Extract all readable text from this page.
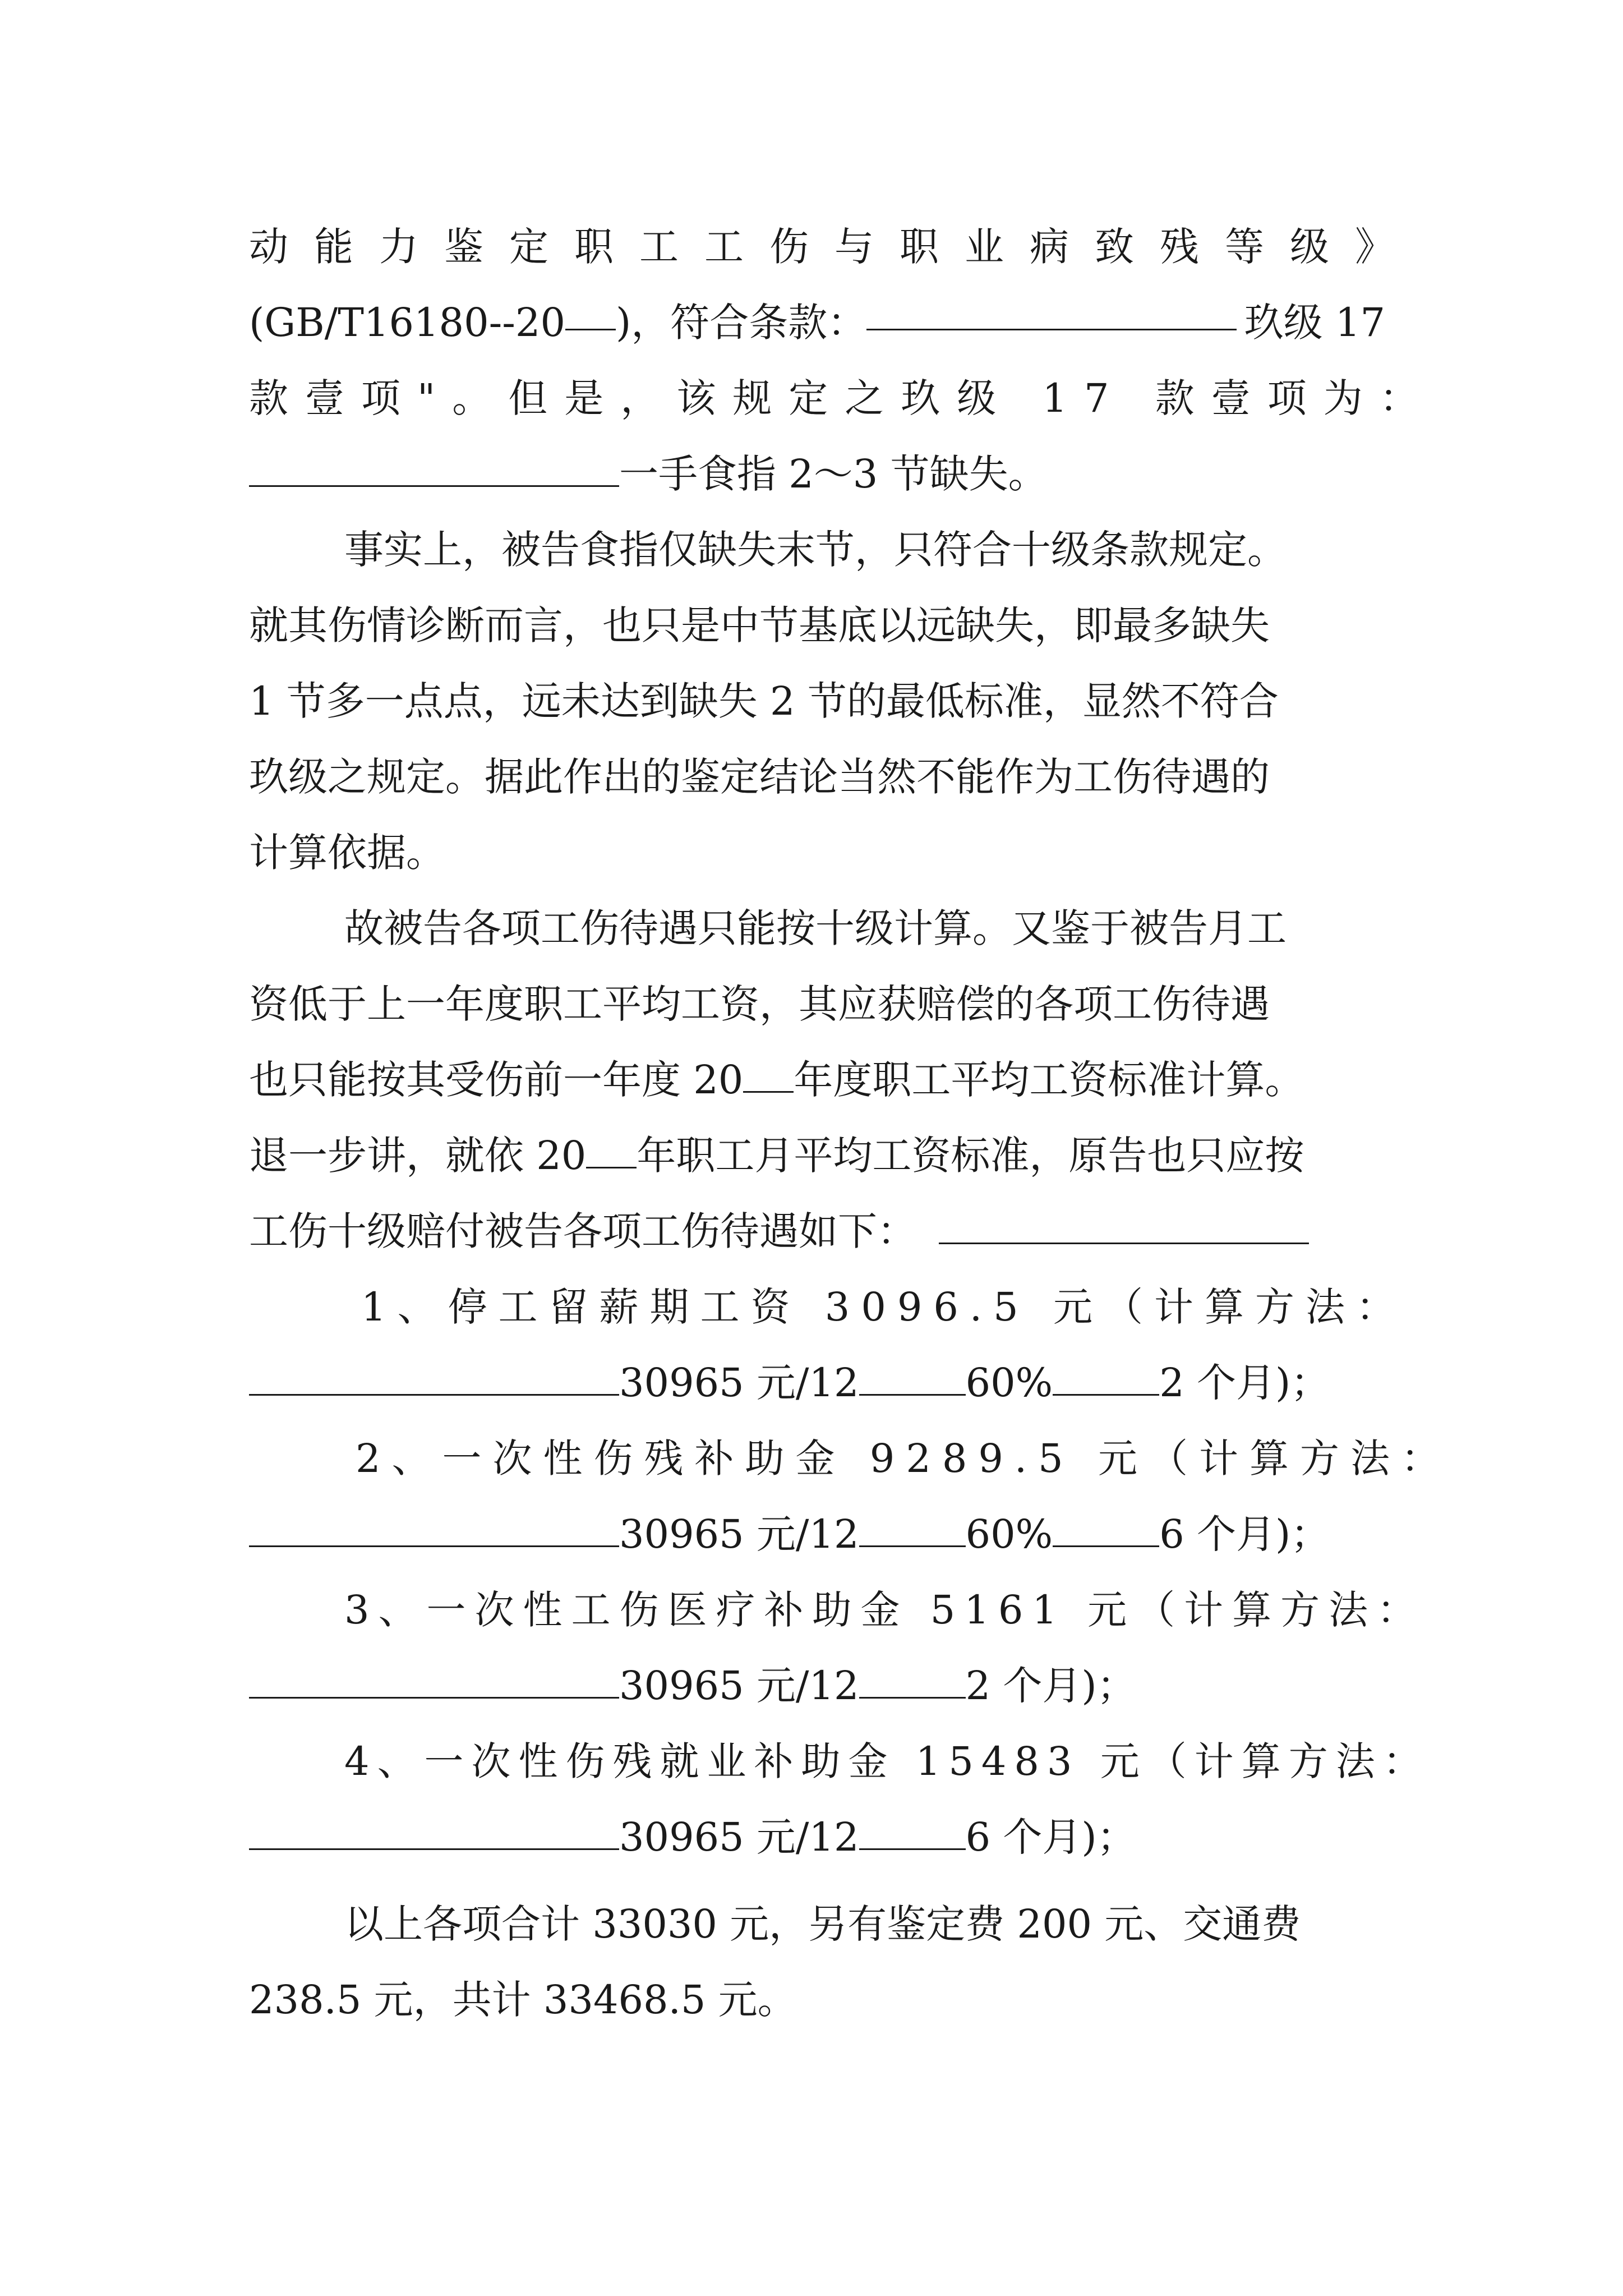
动能力鉴定职工工伤与职业病致残等级》
(GB/T16180--20 )，符合条款：	玖级 17
款壹项"。但是，该规定之玖级 17 款壹项为：
一手食指 2～3 节缺失。
事实上，被告食指仅缺失末节，只符合十级条款规定。
就其伤情诊断而言，也只是中节基底以远缺失，即最多缺失
1 节多一点点，远未达到缺失 2 节的最低标准，显然不符合
玖级之规定。据此作出的鉴定结论当然不能作为工伤待遇的
计算依据。
故被告各项工伤待遇只能按十级计算。又鉴于被告月工
资低于上一年度职工平均工资，其应获赔偿的各项工伤待遇
也只能按其受伤前一年度 20 年度职工平均工资标准计算。
退一步讲，就依 20 年职工月平均工资标准，原告也只应按
工伤十级赔付被告各项工伤待遇如下：
1、停工留薪期工资 3096.5 元（计算方法：
30965 元/12	60%	2 个月)；
2、一次性伤残补助金 9289.5 元（计算方法：
30965 元/12	60%	6 个月)；
3、一次性工伤医疗补助金 5161 元（计算方法：
30965 元/12	2 个月)；
4、一次性伤残就业补助金 15483 元（计算方法：
30965 元/12	6 个月)；
以上各项合计 33030 元，另有鉴定费 200 元、交通费
238.5 元，共计 33468.5 元。
